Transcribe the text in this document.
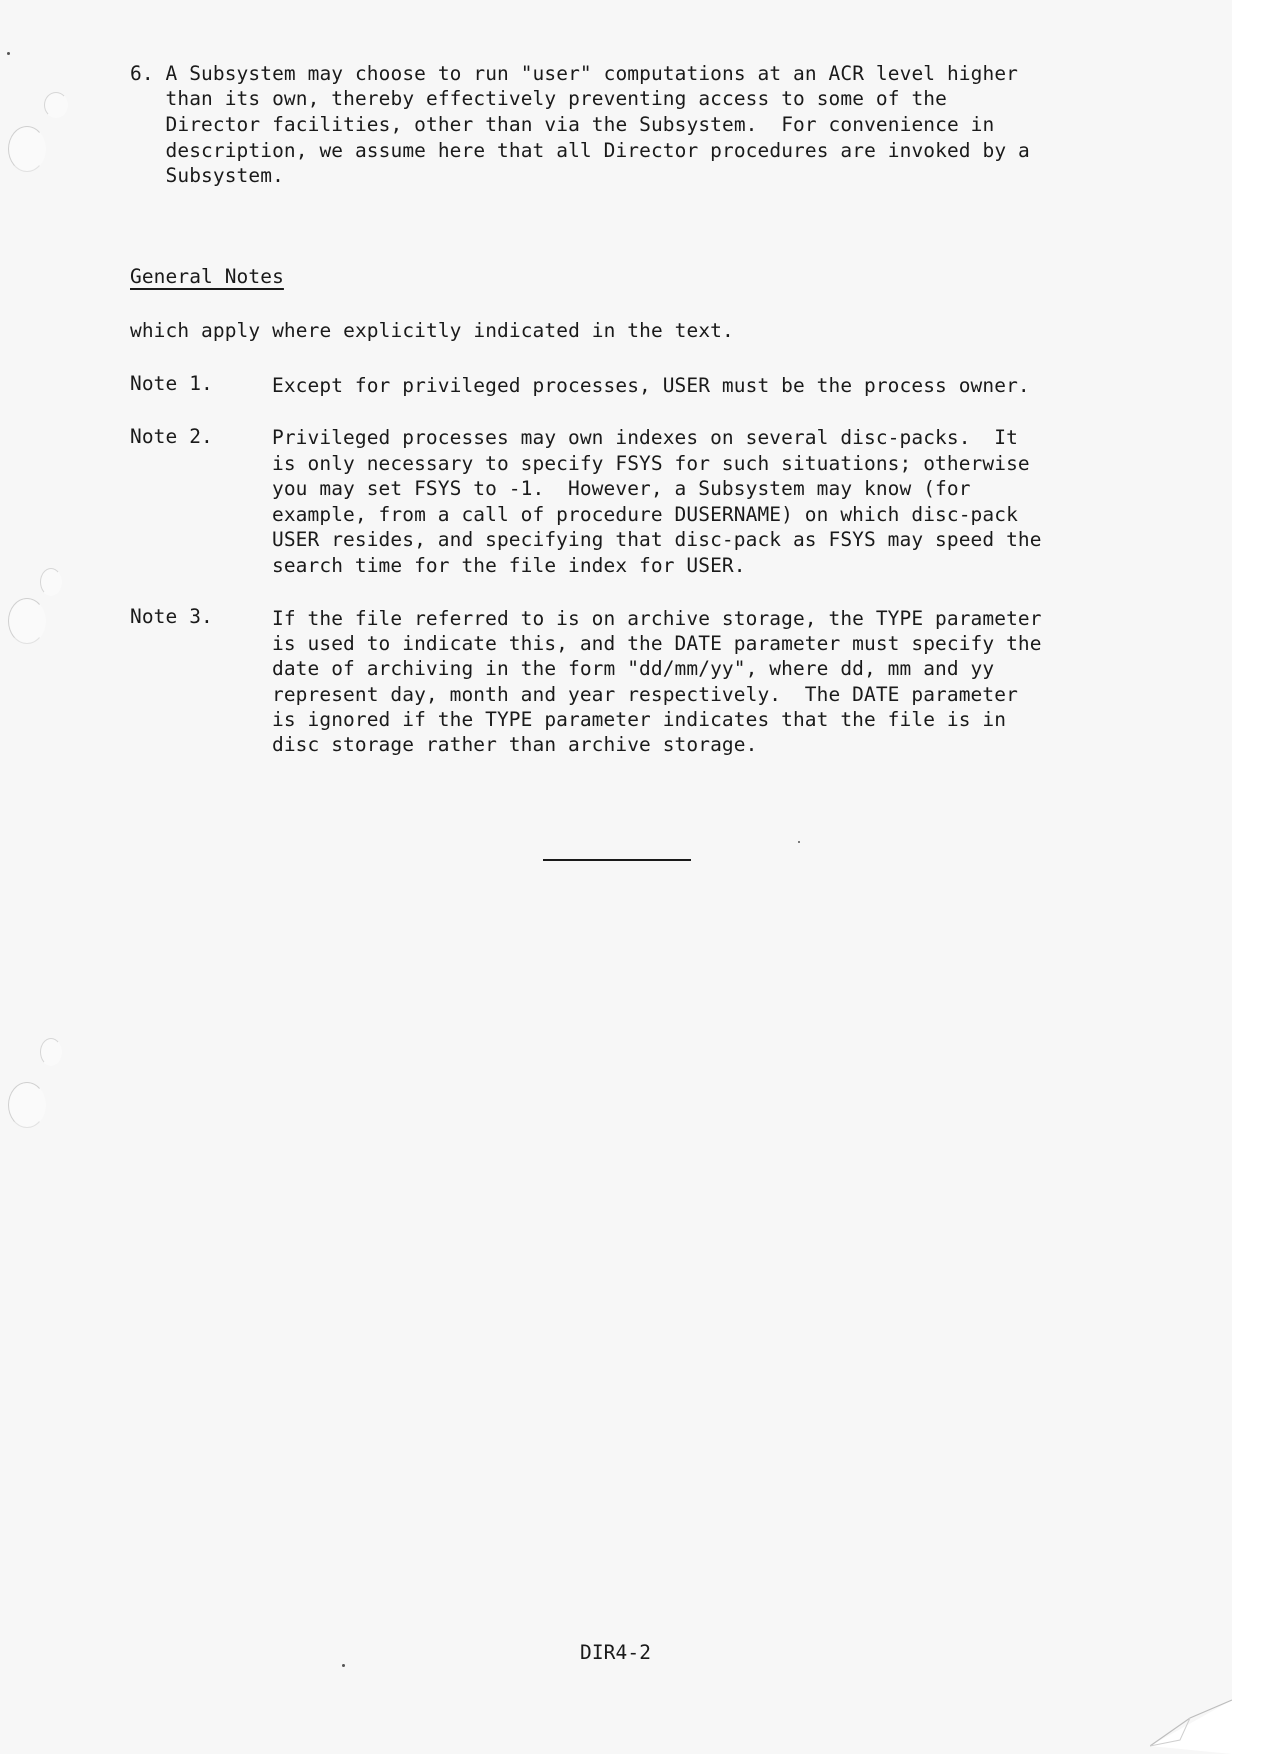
6. A Subsystem may choose to run "user" computations at an ACR level higher
than its own, thereby effectively preventing access to some of the
Director facilities, other than via the Subsystem.  For convenience in
description, we assume here that all Director procedures are invoked by a
Subsystem.
General Notes
which apply where explicitly indicated in the text.
Note 1.	Except for privileged processes, USER must be the process owner.
Note 2.	Privileged processes may own indexes on several disc-packs.  It
is only necessary to specify FSYS for such situations; otherwise
you may set FSYS to -1.  However, a Subsystem may know (for
example, from a call of procedure DUSERNAME) on which disc-pack
USER resides, and specifying that disc-pack as FSYS may speed the
search time for the file index for USER.
Note 3.	If the file referred to is on archive storage, the TYPE parameter
is used to indicate this, and the DATE parameter must specify the
date of archiving in the form "dd/mm/yy", where dd, mm and yy
represent day, month and year respectively.  The DATE parameter
is ignored if the TYPE parameter indicates that the file is in
disc storage rather than archive storage.
DIR4-2
